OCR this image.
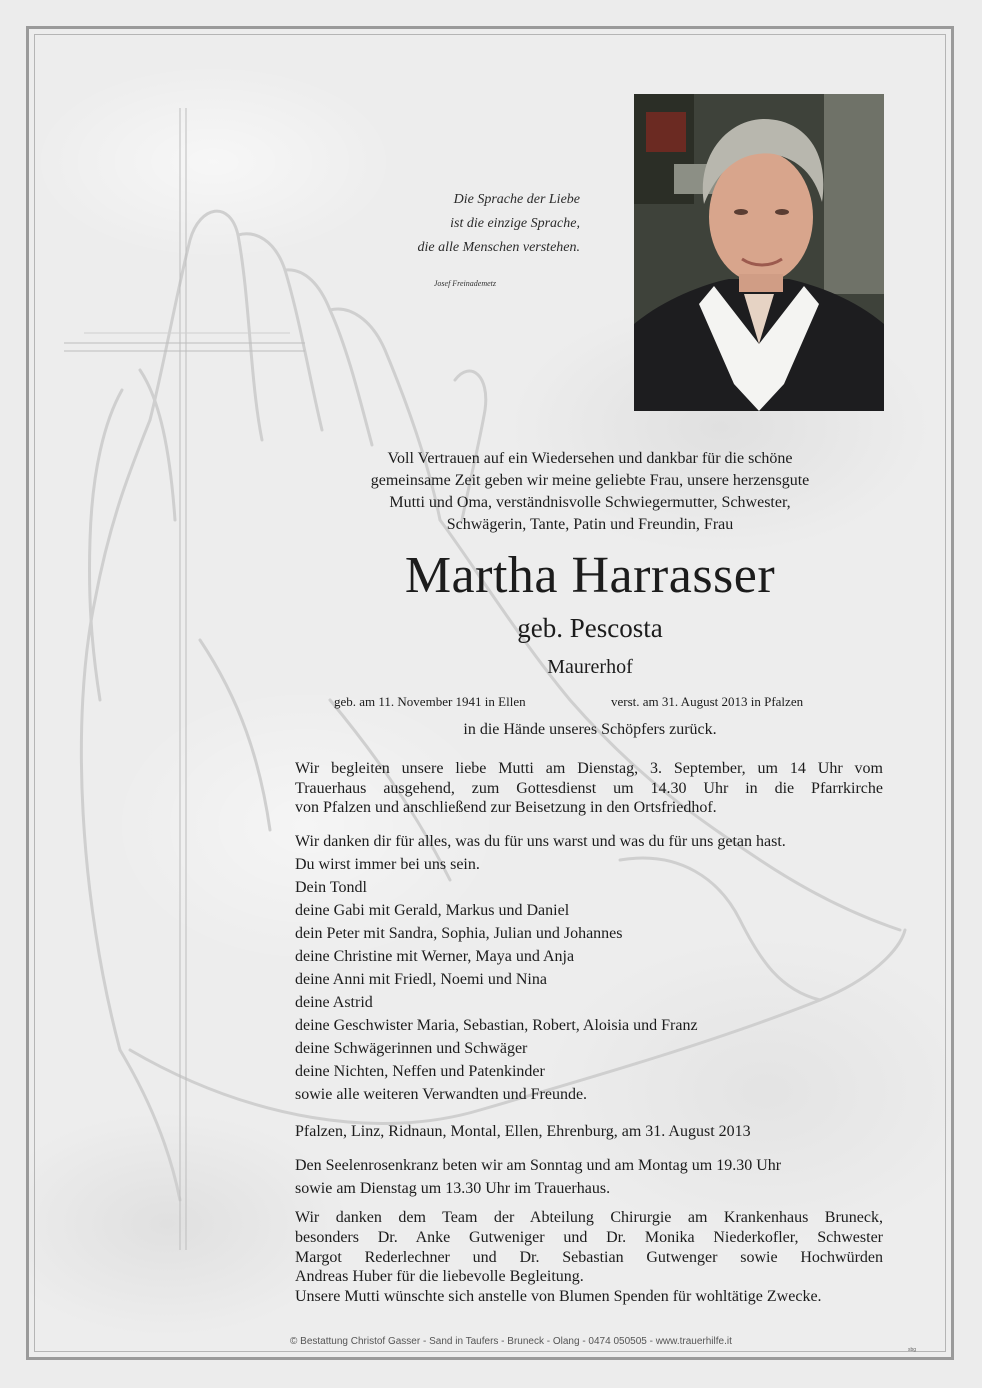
Die Sprache der Liebe
ist die einzige Sprache,
die alle Menschen verstehen.
Josef Freinademetz
Voll Vertrauen auf ein Wiedersehen und dankbar für die schöne
gemeinsame Zeit geben wir meine geliebte Frau, unsere herzensgute
Mutti und Oma, verständnisvolle Schwiegermutter, Schwester,
Schwägerin, Tante, Patin und Freundin, Frau
Martha Harrasser
geb. Pescosta
Maurerhof
geb. am 11. November 1941 in Ellen	verst. am 31. August 2013 in Pfalzen
in die Hände unseres Schöpfers zurück.
Wir begleiten unsere liebe Mutti am Dienstag, 3. September, um 14 Uhr vom
Trauerhaus ausgehend, zum Gottesdienst um 14.30 Uhr in die Pfarrkirche
von Pfalzen und anschließend zur Beisetzung in den Ortsfriedhof.
Wir danken dir für alles, was du für uns warst und was du für uns getan hast.
Du wirst immer bei uns sein.
Dein Tondl
deine Gabi mit Gerald, Markus und Daniel
dein Peter mit Sandra, Sophia, Julian und Johannes
deine Christine mit Werner, Maya und Anja
deine Anni mit Friedl, Noemi und Nina
deine Astrid
deine Geschwister Maria, Sebastian, Robert, Aloisia und Franz
deine Schwägerinnen und Schwäger
deine Nichten, Neffen und Patenkinder
sowie alle weiteren Verwandten und Freunde.
Pfalzen, Linz, Ridnaun, Montal, Ellen, Ehrenburg, am 31. August 2013
Den Seelenrosenkranz beten wir am Sonntag und am Montag um 19.30 Uhr
sowie am Dienstag um 13.30 Uhr im Trauerhaus.
Wir danken dem Team der Abteilung Chirurgie am Krankenhaus Bruneck,
besonders Dr. Anke Gutweniger und Dr. Monika Niederkofler, Schwester
Margot Rederlechner und Dr. Sebastian Gutwenger sowie Hochwürden
Andreas Huber für die liebevolle Begleitung.
Unsere Mutti wünschte sich anstelle von Blumen Spenden für wohltätige Zwecke.
© Bestattung Christof Gasser - Sand in Taufers - Bruneck - Olang - 0474 050505 - www.trauerhilfe.it
sbg
